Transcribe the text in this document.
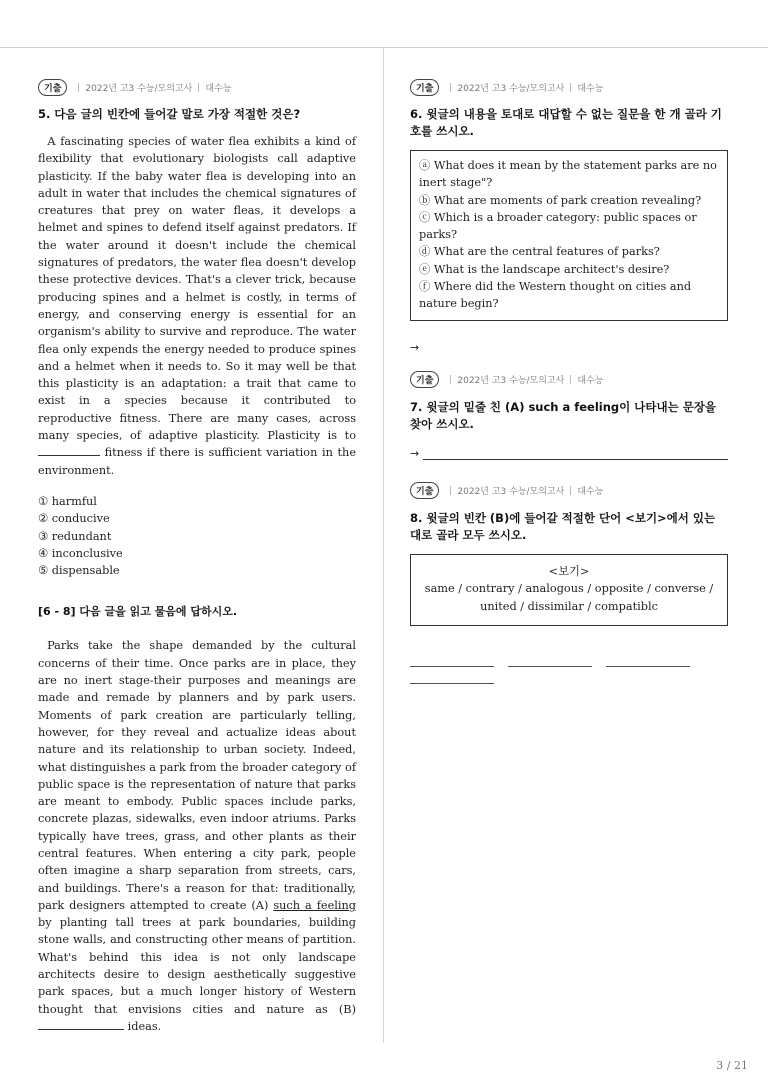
기출	2022년 고3 수능/모의고사 대수능
5. 다음 글의 빈칸에 들어갈 말로 가장 적절한 것은?

A fascinating species of water flea exhibits a kind of flexibility that evolutionary biologists call adaptive plasticity. If the baby water flea is developing into an adult in water that includes the chemical signatures of creatures that prey on water fleas, it develops a helmet and spines to defend itself against predators. If the water around it doesn't include the chemical signatures of predators, the water flea doesn't develop these protective devices. That's a clever trick, because producing spines and a helmet is costly, in terms of energy, and conserving energy is essential for an organism's ability to survive and reproduce. The water flea only expends the energy needed to produce spines and a helmet when it needs to. So it may well be that this plasticity is an adaptation: a trait that came to exist in a species because it contributed to reproductive fitness. There are many cases, across many species, of adaptive plasticity. Plasticity is to  fitness if there is sufficient variation in the environment.

① harmful
② conducive
③ redundant
④ inconclusive
⑤ dispensable
[6 - 8] 다음 글을 읽고 물음에 답하시오.

Parks take the shape demanded by the cultural concerns of their time. Once parks are in place, they are no inert stage-their purposes and meanings are made and remade by planners and by park users. Moments of park creation are particularly telling, however, for they reveal and actualize ideas about nature and its relationship to urban society. Indeed, what distinguishes a park from the broader category of public space is the representation of nature that parks are meant to embody. Public spaces include parks, concrete plazas, sidewalks, even indoor atriums. Parks typically have trees, grass, and other plants as their central features. When entering a city park, people often imagine a sharp separation from streets, cars, and buildings. There's a reason for that: traditionally, park designers attempted to create (A) such a feeling by planting tall trees at park boundaries, building stone walls, and constructing other means of partition. What's behind this idea is not only landscape architects desire to design aesthetically suggestive park spaces, but a much longer history of Western thought that envisions cities and nature as (B) ideas.

기출	2022년 고3 수능/모의고사 대수능
6. 윗글의 내용을 토대로 대답할 수 없는 질문을 한 개 골라 기호를 쓰시오.
ⓐ What does it mean by the statement parks are no inert stage"?
ⓑ What are moments of park creation revealing?
ⓒ Which is a broader category: public spaces or parks?
ⓓ What are the central features of parks?
ⓔ What is the landscape architect's desire?
ⓕ Where did the Western thought on cities and nature begin?
→
기출	2022년 고3 수능/모의고사 대수능
7. 윗글의 밑줄 친 (A) such a feeling이 나타내는 문장을 찾아 쓰시오.
→
기출	2022년 고3 수능/모의고사 대수능
8. 윗글의 빈칸 (B)에 들어갈 적절한 단어 <보기>에서 있는 대로 골라 모두 쓰시오.
<보기>
same / contrary / analogous / opposite / converse / united / dissimilar / compatiblc
3 / 21
